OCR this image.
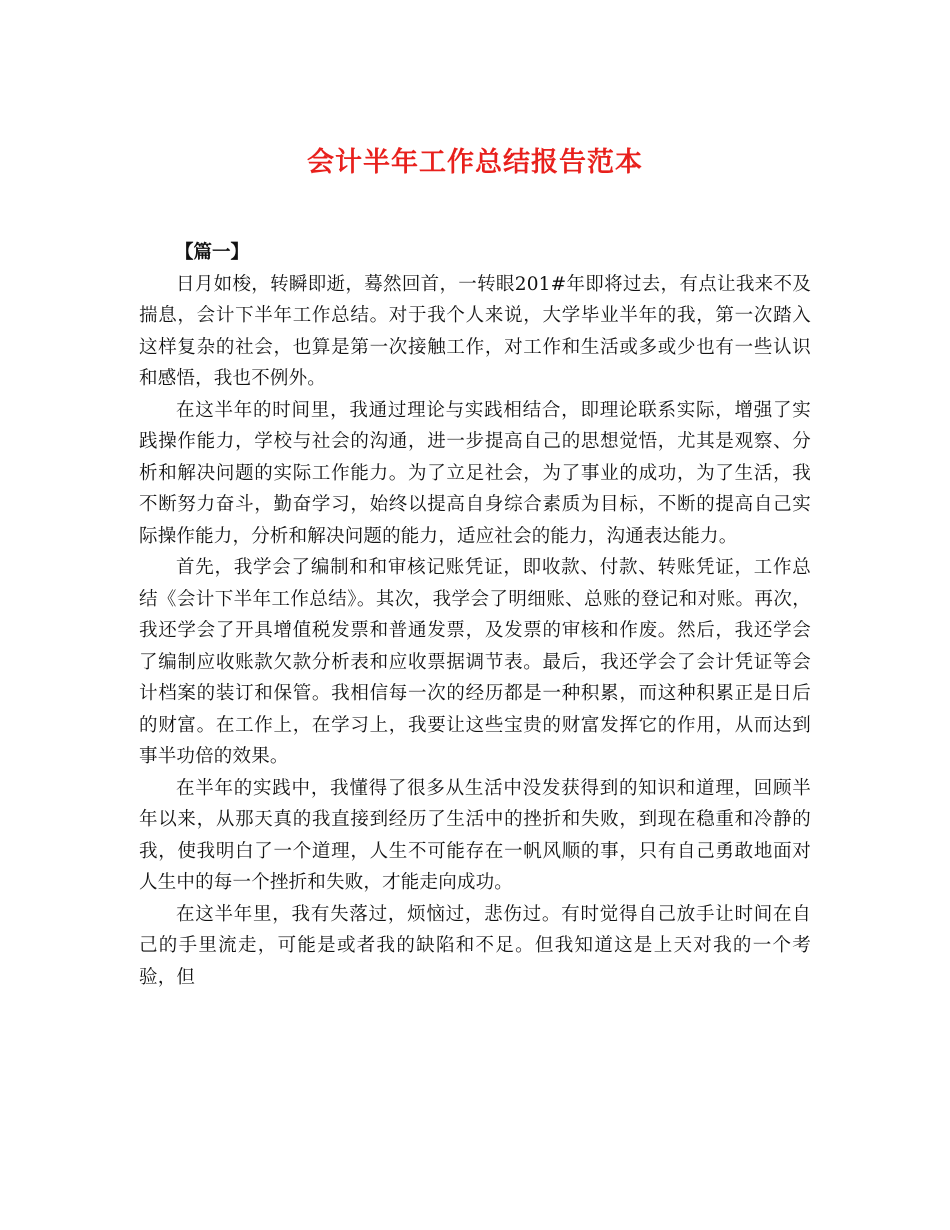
会计半年工作总结报告范本

【篇一】

日月如梭，转瞬即逝，蓦然回首，一转眼201#年即将过去，有点让我来不及揣息，会计下半年工作总结。对于我个人来说，大学毕业半年的我，第一次踏入这样复杂的社会，也算是第一次接触工作，对工作和生活或多或少也有一些认识和感悟，我也不例外。

在这半年的时间里，我通过理论与实践相结合，即理论联系实际，增强了实践操作能力，学校与社会的沟通，进一步提高自己的思想觉悟，尤其是观察、分析和解决问题的实际工作能力。为了立足社会，为了事业的成功，为了生活，我不断努力奋斗，勤奋学习，始终以提高自身综合素质为目标，不断的提高自己实际操作能力，分析和解决问题的能力，适应社会的能力，沟通表达能力。

首先，我学会了编制和和审核记账凭证，即收款、付款、转账凭证，工作总结《会计下半年工作总结》。其次，我学会了明细账、总账的登记和对账。再次，我还学会了开具增值税发票和普通发票，及发票的审核和作废。然后，我还学会了编制应收账款欠款分析表和应收票据调节表。最后，我还学会了会计凭证等会计档案的装订和保管。我相信每一次的经历都是一种积累，而这种积累正是日后的财富。在工作上，在学习上，我要让这些宝贵的财富发挥它的作用，从而达到事半功倍的效果。

在半年的实践中，我懂得了很多从生活中没发获得到的知识和道理，回顾半年以来，从那天真的我直接到经历了生活中的挫折和失败，到现在稳重和冷静的我，使我明白了一个道理，人生不可能存在一帆风顺的事，只有自己勇敢地面对人生中的每一个挫折和失败，才能走向成功。

在这半年里，我有失落过，烦恼过，悲伤过。有时觉得自己放手让时间在自己的手里流走，可能是或者我的缺陷和不足。但我知道这是上天对我的一个考验，但
